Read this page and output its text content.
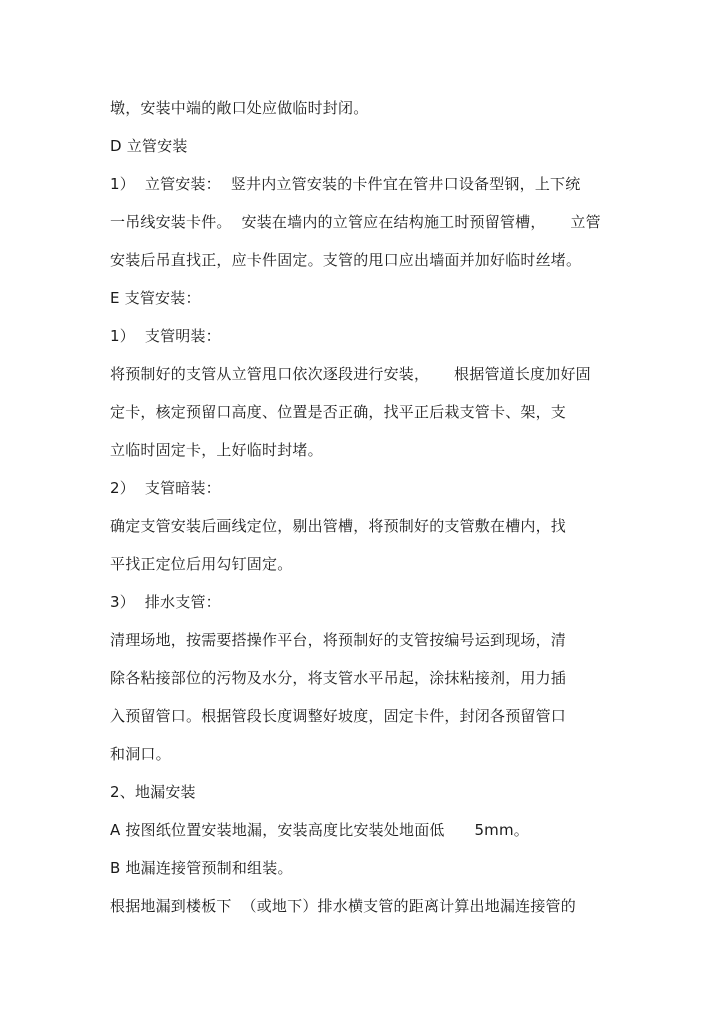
墩，安装中端的敞口处应做临时封闭。
D 立管安装
1）  立管安装：  竖井内立管安装的卡件宜在管井口设备型钢，上下统
一吊线安装卡件。  安装在墙内的立管应在结构施工时预留管槽，     立管
安装后吊直找正，应卡件固定。支管的甩口应出墙面并加好临时丝堵。
E 支管安装：
1）  支管明装：
将预制好的支管从立管甩口依次逐段进行安装，     根据管道长度加好固
定卡，核定预留口高度、位置是否正确，找平正后栽支管卡、架，支
立临时固定卡，上好临时封堵。
2）  支管暗装：
确定支管安装后画线定位，剔出管槽，将预制好的支管敷在槽内，找
平找正定位后用勾钉固定。
3）  排水支管：
清理场地，按需要搭操作平台，将预制好的支管按编号运到现场，清
除各粘接部位的污物及水分，将支管水平吊起，涂抹粘接剂，用力插
入预留管口。根据管段长度调整好坡度，固定卡件，封闭各预留管口
和洞口。
2、地漏安装
A 按图纸位置安装地漏，安装高度比安装处地面低      5mm。
B 地漏连接管预制和组装。
根据地漏到楼板下  （或地下）排水横支管的距离计算出地漏连接管的
